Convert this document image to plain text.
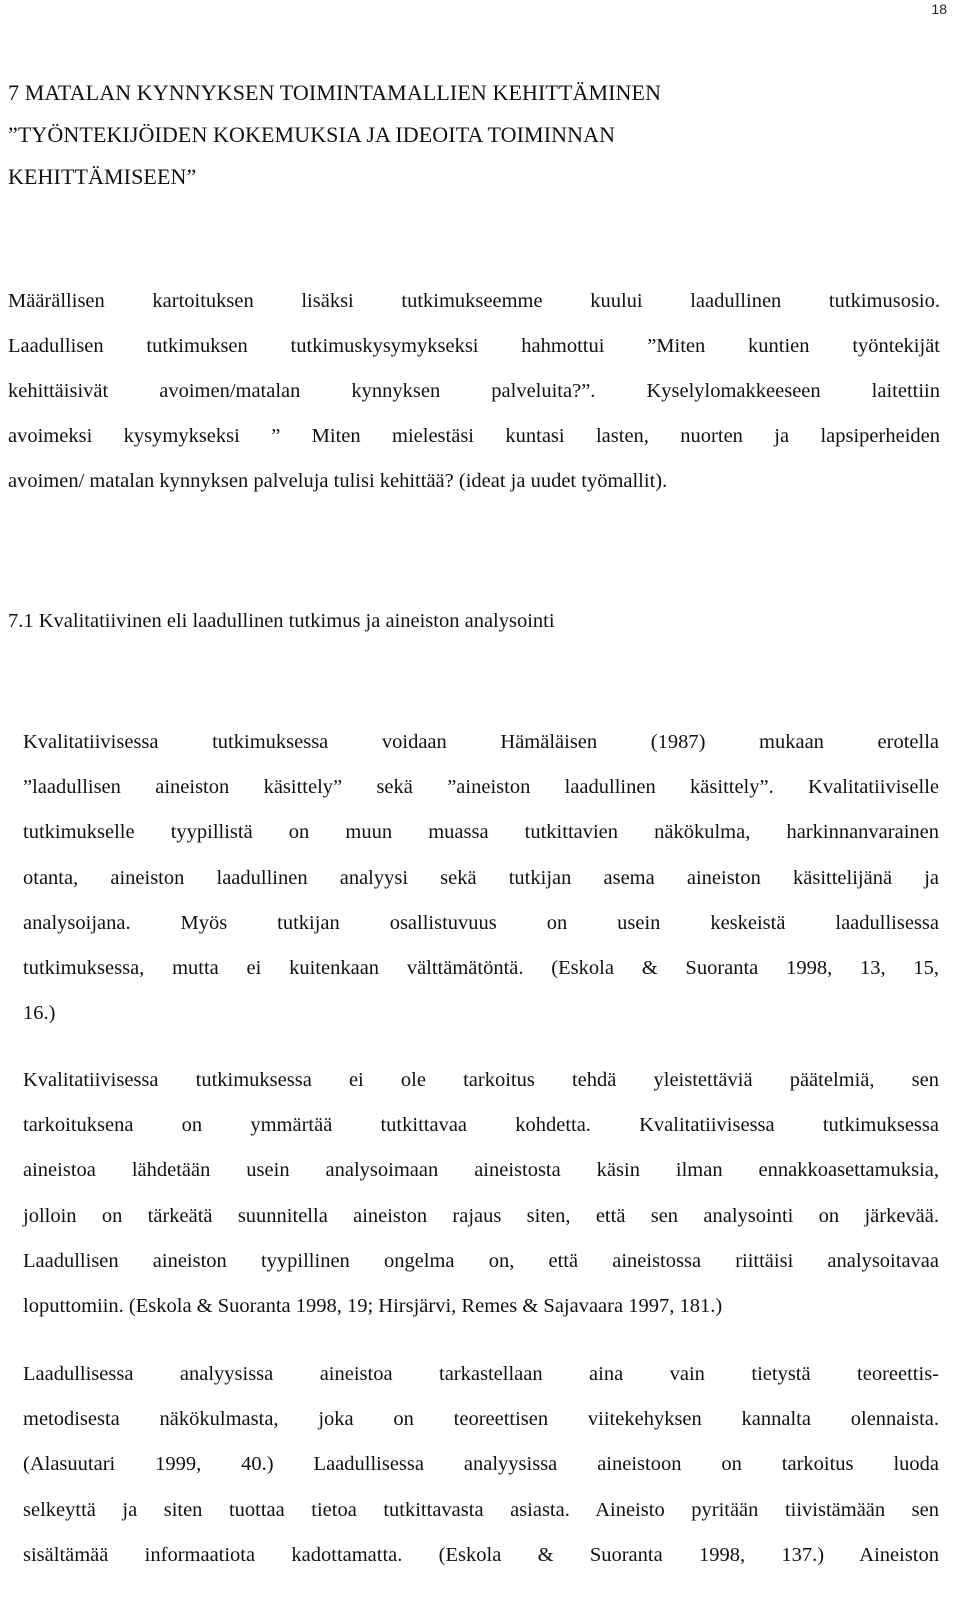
18
7 MATALAN KYNNYKSEN TOIMINTAMALLIEN KEHITTÄMINEN
”TYÖNTEKIJÖIDEN KOKEMUKSIA JA IDEOITA TOIMINNAN
KEHITTÄMISEEN”
Määrällisen kartoituksen lisäksi tutkimukseemme kuului laadullinen tutkimusosio.
Laadullisen tutkimuksen tutkimuskysymykseksi hahmottui ”Miten kuntien työntekijät
kehittäisivät avoimen/matalan kynnyksen palveluita?”. Kyselylomakkeeseen laitettiin
avoimeksi kysymykseksi ” Miten mielestäsi kuntasi lasten, nuorten ja lapsiperheiden
avoimen/ matalan kynnyksen palveluja tulisi kehittää? (ideat ja uudet työmallit).
7.1 Kvalitatiivinen eli laadullinen tutkimus ja aineiston analysointi
Kvalitatiivisessa tutkimuksessa voidaan Hämäläisen (1987) mukaan erotella
”laadullisen aineiston käsittely” sekä ”aineiston laadullinen käsittely”. Kvalitatiiviselle
tutkimukselle tyypillistä on muun muassa tutkittavien näkökulma, harkinnanvarainen
otanta, aineiston laadullinen analyysi sekä tutkijan asema aineiston käsittelijänä ja
analysoijana. Myös tutkijan osallistuvuus on usein keskeistä laadullisessa
tutkimuksessa, mutta ei kuitenkaan välttämätöntä. (Eskola & Suoranta 1998, 13, 15,
16.)
Kvalitatiivisessa tutkimuksessa ei ole tarkoitus tehdä yleistettäviä päätelmiä, sen
tarkoituksena on ymmärtää tutkittavaa kohdetta. Kvalitatiivisessa tutkimuksessa
aineistoa lähdetään usein analysoimaan aineistosta käsin ilman ennakkoasettamuksia,
jolloin on tärkeätä suunnitella aineiston rajaus siten, että sen analysointi on järkevää.
Laadullisen aineiston tyypillinen ongelma on, että aineistossa riittäisi analysoitavaa
loputtomiin. (Eskola & Suoranta 1998, 19; Hirsjärvi, Remes & Sajavaara 1997, 181.)
Laadullisessa analyysissa aineistoa tarkastellaan aina vain tietystä teoreettis-
metodisesta näkökulmasta, joka on teoreettisen viitekehyksen kannalta olennaista.
(Alasuutari 1999, 40.) Laadullisessa analyysissa aineistoon on tarkoitus luoda
selkeyttä ja siten tuottaa tietoa tutkittavasta asiasta. Aineisto pyritään tiivistämään sen
sisältämää informaatiota kadottamatta. (Eskola & Suoranta 1998, 137.) Aineiston
